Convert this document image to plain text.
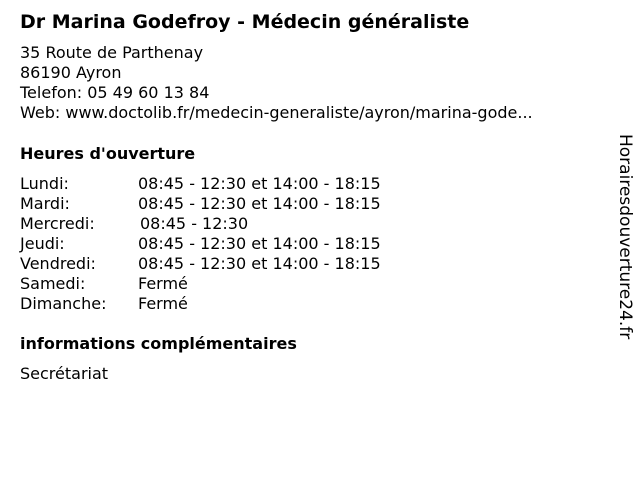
Dr Marina Godefroy - Médecin généraliste
35 Route de Parthenay
86190 Ayron
Telefon: 05 49 60 13 84
Web: www.doctolib.fr/medecin-generaliste/ayron/marina-gode...
Heures d'ouverture
Lundi:	08:45 - 12:30 et 14:00 - 18:15
Mardi:	08:45 - 12:30 et 14:00 - 18:15
Mercredi:	08:45 - 12:30
Jeudi:	08:45 - 12:30 et 14:00 - 18:15
Vendredi:	08:45 - 12:30 et 14:00 - 18:15
Samedi:	Fermé
Dimanche: Fermé
informations complémentaires
Secrétariat
Horairesdouverture24.fr
